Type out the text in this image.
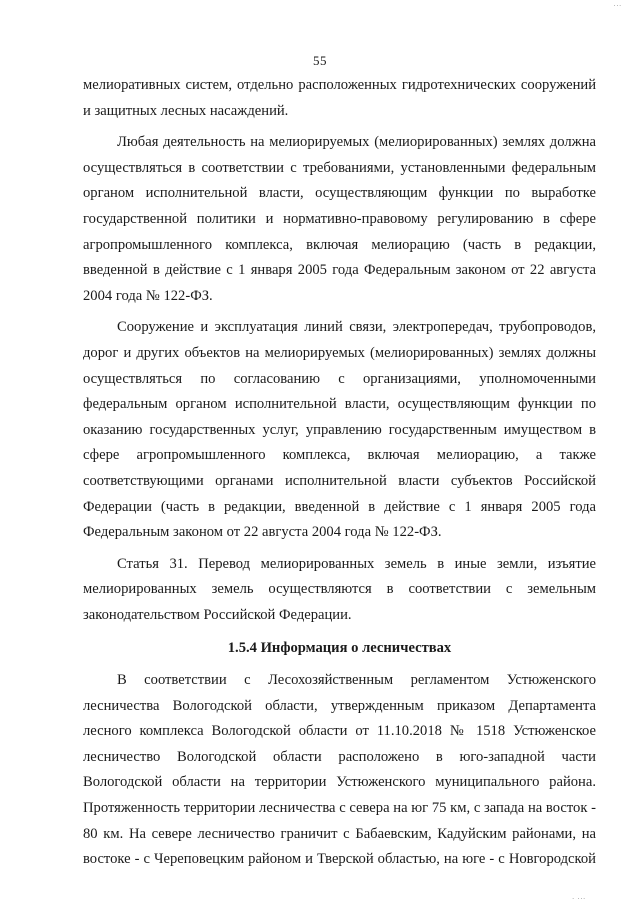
...
55
мелиоративных систем, отдельно расположенных гидротехнических сооружений
и защитных лесных насаждений.
Любая деятельность на мелиорируемых (мелиорированных) землях должна
осуществляться в соответствии с требованиями, установленными федеральным
органом исполнительной власти, осуществляющим функции по выработке
государственной политики и нормативно-правовому регулированию в сфере
агропромышленного комплекса, включая мелиорацию (часть в редакции,
введенной в действие с 1 января 2005 года Федеральным законом от 22 августа
2004 года № 122-ФЗ.
Сооружение и эксплуатация линий связи, электропередач, трубопроводов,
дорог и других объектов на мелиорируемых (мелиорированных) землях должны
осуществляться по согласованию с организациями, уполномоченными
федеральным органом исполнительной власти, осуществляющим функции по
оказанию государственных услуг, управлению государственным имуществом в
сфере агропромышленного комплекса, включая мелиорацию, а также
соответствующими органами исполнительной власти субъектов Российской
Федерации (часть в редакции, введенной в действие с 1 января 2005 года
Федеральным законом от 22 августа 2004 года № 122-ФЗ.
Статья 31. Перевод мелиорированных земель в иные земли, изъятие
мелиорированных земель осуществляются в соответствии с земельным
законодательством Российской Федерации.
1.5.4 Информация о лесничествах
В соответствии с Лесохозяйственным регламентом Устюженского
лесничества Вологодской области, утвержденным приказом Департамента
лесного комплекса Вологодской области от 11.10.2018 № 1518 Устюженское
лесничество Вологодской области расположено в юго-западной части
Вологодской области на территории Устюженского муниципального района.
Протяженность территории лесничества с севера на юг 75 км, с запада на восток -
80 км. На севере лесничество граничит с Бабаевским, Кадуйским районами, на
востоке - с Череповецким районом и Тверской областью, на юге - с Новгородской
. ...
